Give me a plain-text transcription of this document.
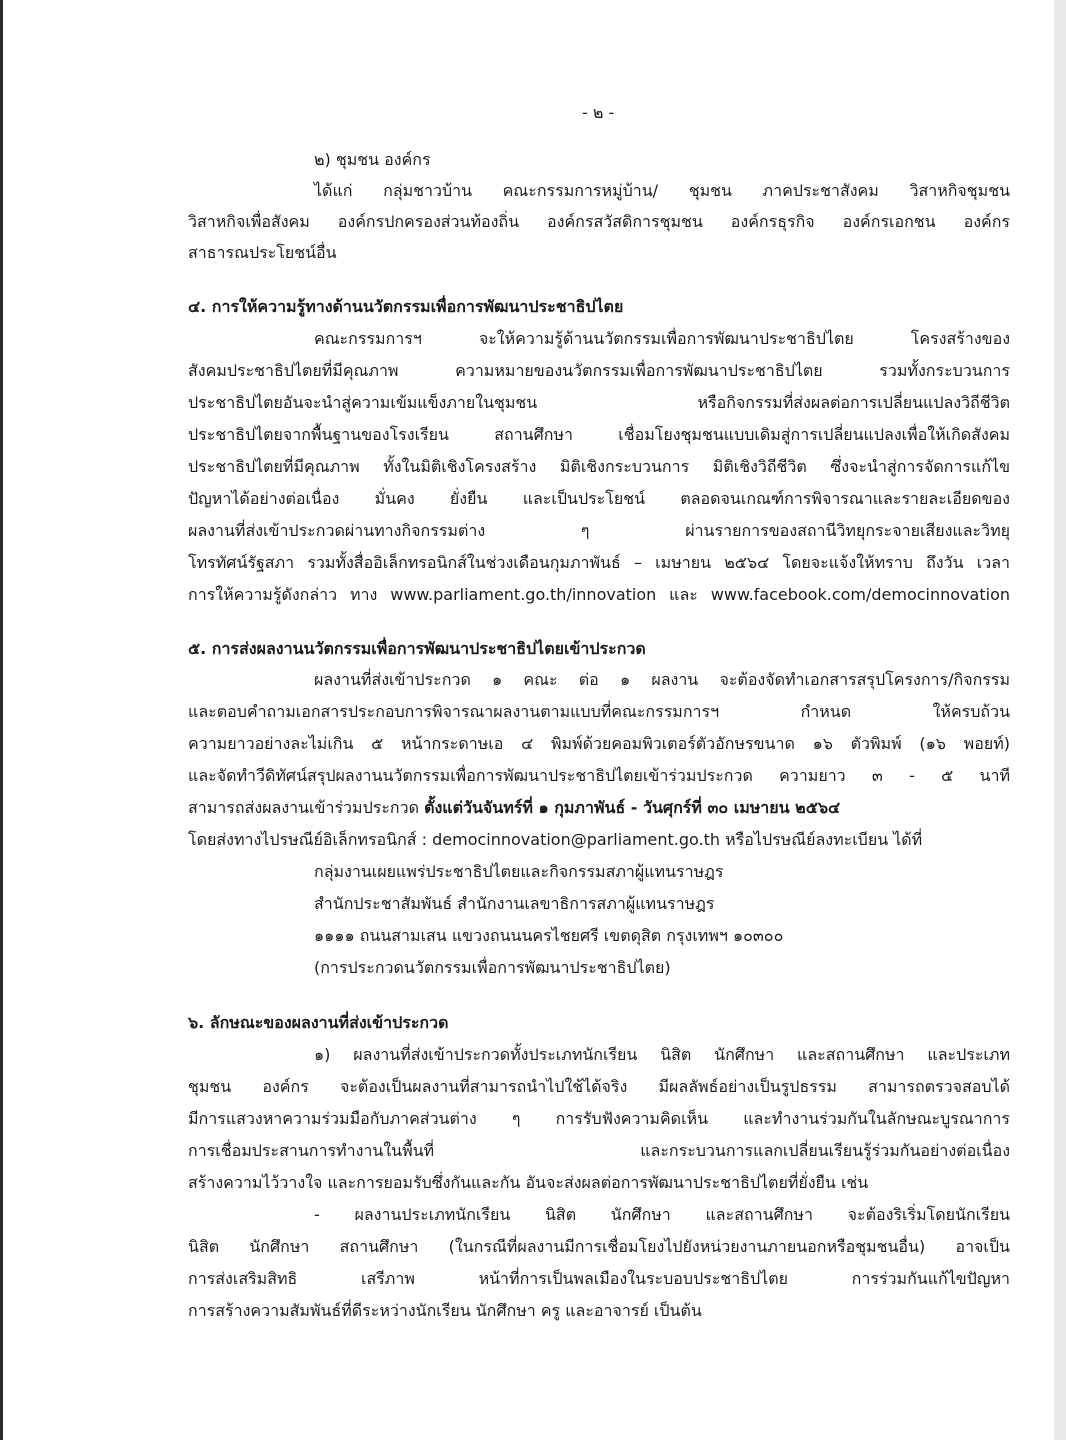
- ๒ -
๒) ชุมชน องค์กร
ได้แก่ กลุ่มชาวบ้าน คณะกรรมการหมู่บ้าน/ ชุมชน ภาคประชาสังคม วิสาหกิจชุมชน
วิสาหกิจเพื่อสังคม องค์กรปกครองส่วนท้องถิ่น องค์กรสวัสดิการชุมชน องค์กรธุรกิจ องค์กรเอกชน องค์กร
สาธารณประโยชน์อื่น
๔. การให้ความรู้ทางด้านนวัตกรรมเพื่อการพัฒนาประชาธิปไตย
คณะกรรมการฯ จะให้ความรู้ด้านนวัตกรรมเพื่อการพัฒนาประชาธิปไตย โครงสร้างของ
สังคมประชาธิปไตยที่มีคุณภาพ ความหมายของนวัตกรรมเพื่อการพัฒนาประชาธิปไตย รวมทั้งกระบวนการ
ประชาธิปไตยอันจะนำสู่ความเข้มแข็งภายในชุมชน หรือกิจกรรมที่ส่งผลต่อการเปลี่ยนแปลงวิถีชีวิต
ประชาธิปไตยจากพื้นฐานของโรงเรียน สถานศึกษา เชื่อมโยงชุมชนแบบเดิมสู่การเปลี่ยนแปลงเพื่อให้เกิดสังคม
ประชาธิปไตยที่มีคุณภาพ ทั้งในมิติเชิงโครงสร้าง มิติเชิงกระบวนการ มิติเชิงวิถีชีวิต ซึ่งจะนำสู่การจัดการแก้ไข
ปัญหาได้อย่างต่อเนื่อง มั่นคง ยั่งยืน และเป็นประโยชน์ ตลอดจนเกณฑ์การพิจารณาและรายละเอียดของ
ผลงานที่ส่งเข้าประกวดผ่านทางกิจกรรมต่าง ๆ ผ่านรายการของสถานีวิทยุกระจายเสียงและวิทยุ
โทรทัศน์รัฐสภา รวมทั้งสื่ออิเล็กทรอนิกส์ในช่วงเดือนกุมภาพันธ์ – เมษายน ๒๕๖๔ โดยจะแจ้งให้ทราบ ถึงวัน เวลา
การให้ความรู้ดังกล่าว ทาง www.parliament.go.th/innovation และ www.facebook.com/democinnovation
๕. การส่งผลงานนวัตกรรมเพื่อการพัฒนาประชาธิปไตยเข้าประกวด
ผลงานที่ส่งเข้าประกวด ๑ คณะ ต่อ ๑ ผลงาน จะต้องจัดทำเอกสารสรุปโครงการ/กิจกรรม
และตอบคำถามเอกสารประกอบการพิจารณาผลงานตามแบบที่คณะกรรมการฯ กำหนด ให้ครบถ้วน
ความยาวอย่างละไม่เกิน ๕ หน้ากระดาษเอ ๔ พิมพ์ด้วยคอมพิวเตอร์ตัวอักษรขนาด ๑๖ ตัวพิมพ์ (๑๖ พอยท์)
และจัดทำวีดิทัศน์สรุปผลงานนวัตกรรมเพื่อการพัฒนาประชาธิปไตยเข้าร่วมประกวด ความยาว ๓ - ๕ นาที
สามารถส่งผลงานเข้าร่วมประกวด ตั้งแต่วันจันทร์ที่ ๑ กุมภาพันธ์ - วันศุกร์ที่ ๓๐ เมษายน ๒๕๖๔
โดยส่งทางไปรษณีย์อิเล็กทรอนิกส์ : democinnovation@parliament.go.th หรือไปรษณีย์ลงทะเบียน ได้ที่
กลุ่มงานเผยแพร่ประชาธิปไตยและกิจกรรมสภาผู้แทนราษฎร
สำนักประชาสัมพันธ์ สำนักงานเลขาธิการสภาผู้แทนราษฎร
๑๑๑๑ ถนนสามเสน แขวงถนนนครไชยศรี เขตดุสิต กรุงเทพฯ ๑๐๓๐๐
(การประกวดนวัตกรรมเพื่อการพัฒนาประชาธิปไตย)
๖. ลักษณะของผลงานที่ส่งเข้าประกวด
๑) ผลงานที่ส่งเข้าประกวดทั้งประเภทนักเรียน นิสิต นักศึกษา และสถานศึกษา และประเภท
ชุมชน องค์กร จะต้องเป็นผลงานที่สามารถนำไปใช้ได้จริง มีผลลัพธ์อย่างเป็นรูปธรรม สามารถตรวจสอบได้
มีการแสวงหาความร่วมมือกับภาคส่วนต่าง ๆ การรับฟังความคิดเห็น และทำงานร่วมกันในลักษณะบูรณาการ
การเชื่อมประสานการทำงานในพื้นที่ และกระบวนการแลกเปลี่ยนเรียนรู้ร่วมกันอย่างต่อเนื่อง
สร้างความไว้วางใจ และการยอมรับซึ่งกันและกัน อันจะส่งผลต่อการพัฒนาประชาธิปไตยที่ยั่งยืน เช่น
- ผลงานประเภทนักเรียน นิสิต นักศึกษา และสถานศึกษา จะต้องริเริ่มโดยนักเรียน
นิสิต นักศึกษา สถานศึกษา (ในกรณีที่ผลงานมีการเชื่อมโยงไปยังหน่วยงานภายนอกหรือชุมชนอื่น) อาจเป็น
การส่งเสริมสิทธิ เสรีภาพ หน้าที่การเป็นพลเมืองในระบอบประชาธิปไตย การร่วมกันแก้ไขปัญหา
การสร้างความสัมพันธ์ที่ดีระหว่างนักเรียน นักศึกษา ครู และอาจารย์ เป็นต้น
